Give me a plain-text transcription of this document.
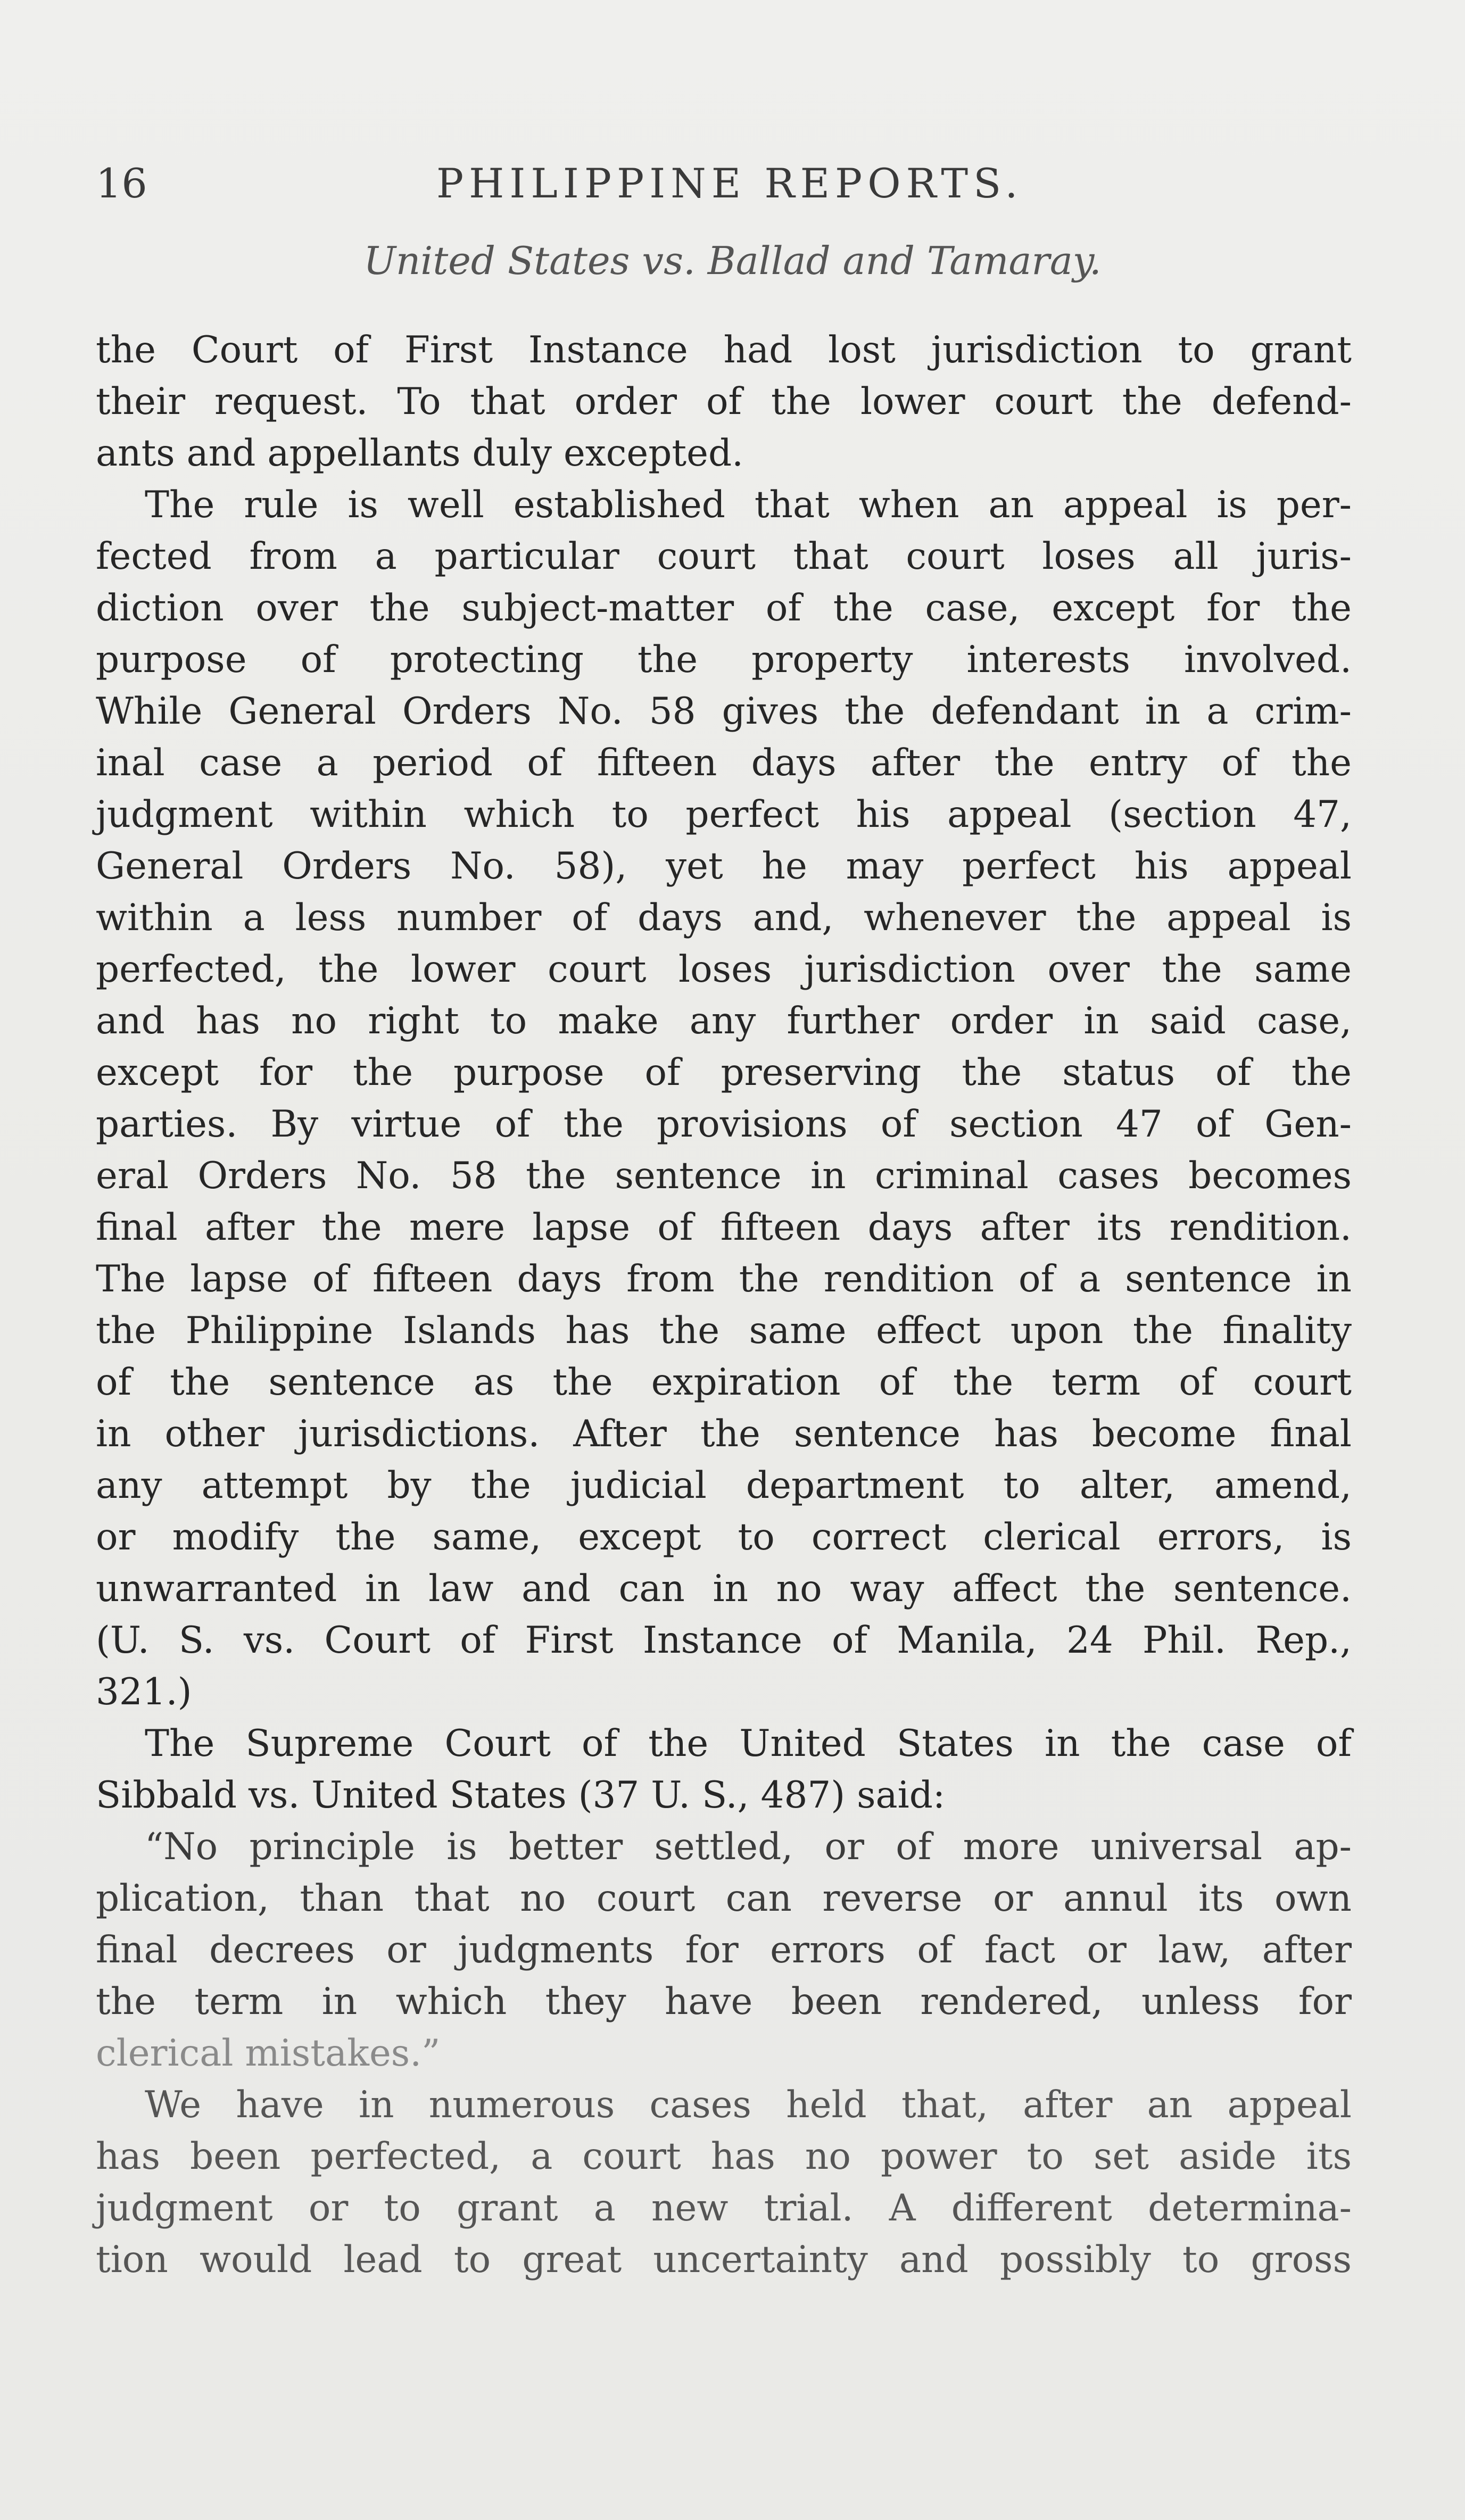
16	PHILIPPINE REPORTS.
United States vs. Ballad and Tamaray.

the Court of First Instance had lost jurisdiction to grant
their request. To that order of the lower court the defend-
ants and appellants duly excepted.

The rule is well established that when an appeal is per-
fected from a particular court that court loses all juris-
diction over the subject-matter of the case, except for the
purpose of protecting the property interests involved.
While General Orders No. 58 gives the defendant in a crim-
inal case a period of fifteen days after the entry of the
judgment within which to perfect his appeal (section 47,
General Orders No. 58), yet he may perfect his appeal
within a less number of days and, whenever the appeal is
perfected, the lower court loses jurisdiction over the same
and has no right to make any further order in said case,
except for the purpose of preserving the status of the
parties. By virtue of the provisions of section 47 of Gen-
eral Orders No. 58 the sentence in criminal cases becomes
final after the mere lapse of fifteen days after its rendition.
The lapse of fifteen days from the rendition of a sentence in
the Philippine Islands has the same effect upon the finality
of the sentence as the expiration of the term of court
in other jurisdictions. After the sentence has become final
any attempt by the judicial department to alter, amend,
or modify the same, except to correct clerical errors, is
unwarranted in law and can in no way affect the sentence.
(U. S. vs. Court of First Instance of Manila, 24 Phil. Rep.,
321.)

The Supreme Court of the United States in the case of
Sibbald vs. United States (37 U. S., 487) said:

“No principle is better settled, or of more universal ap-
plication, than that no court can reverse or annul its own
final decrees or judgments for errors of fact or law, after
the term in which they have been rendered, unless for
clerical mistakes.”

We have in numerous cases held that, after an appeal
has been perfected, a court has no power to set aside its
judgment or to grant a new trial. A different determina-
tion would lead to great uncertainty and possibly to gross
